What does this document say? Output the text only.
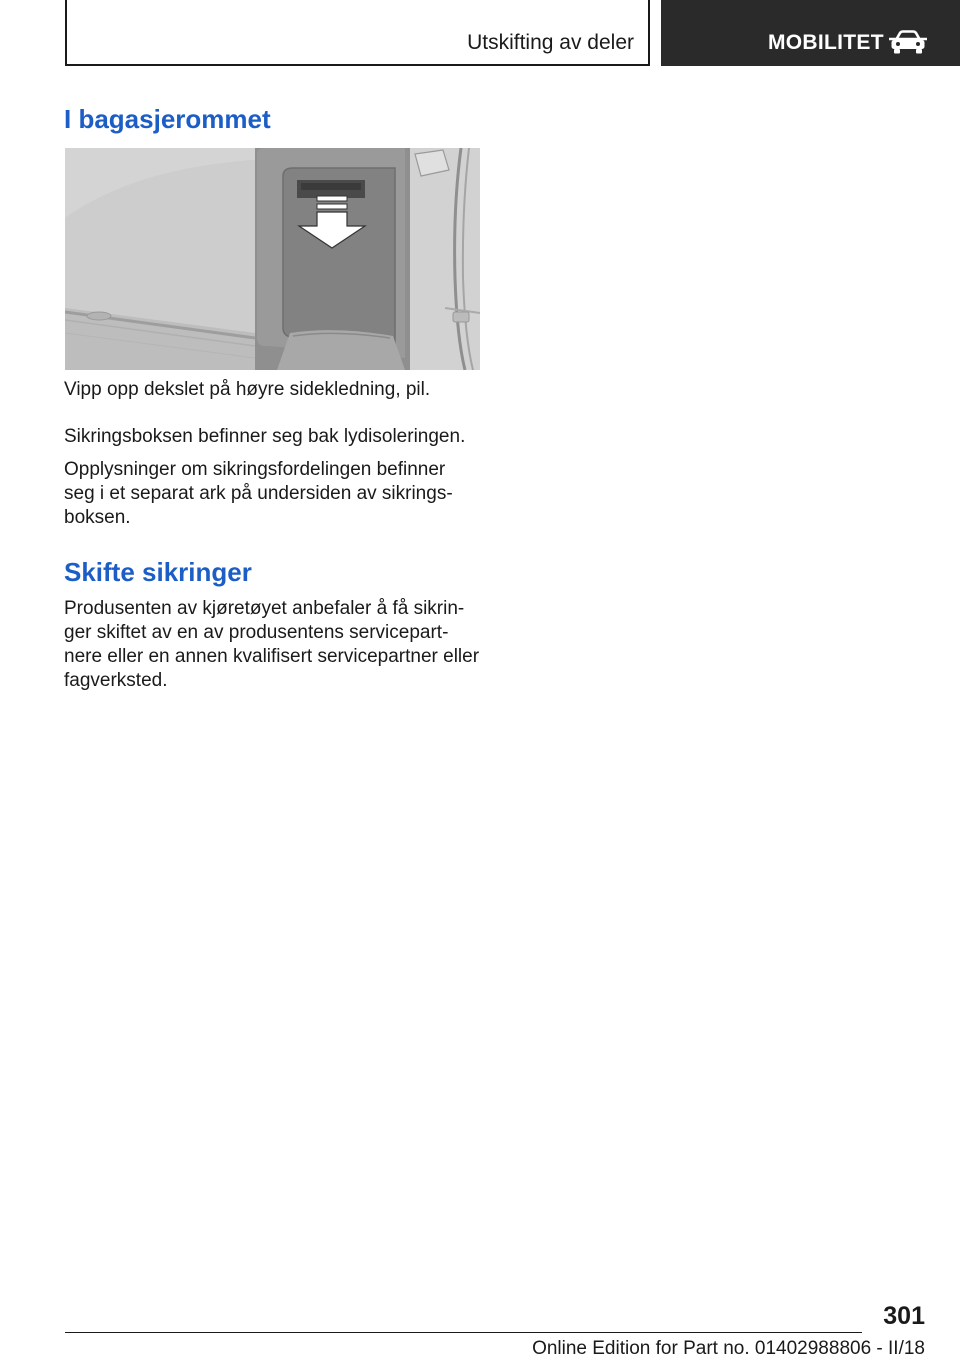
Utskifting av deler	MOBILITET
I bagasjerommet
Vipp opp dekslet på høyre sidekledning, pil.
Sikringsboksen befinner seg bak lydisoleringen.
Opplysninger om sikringsfordelingen befinner
seg i et separat ark på undersiden av sikrings-
boksen.
Skifte sikringer
Produsenten av kjøretøyet anbefaler å få sikrin-
ger skiftet av en av produsentens servicepart-
nere eller en annen kvalifisert servicepartner eller
fagverksted.
301
Online Edition for Part no. 01402988806 - II/18
